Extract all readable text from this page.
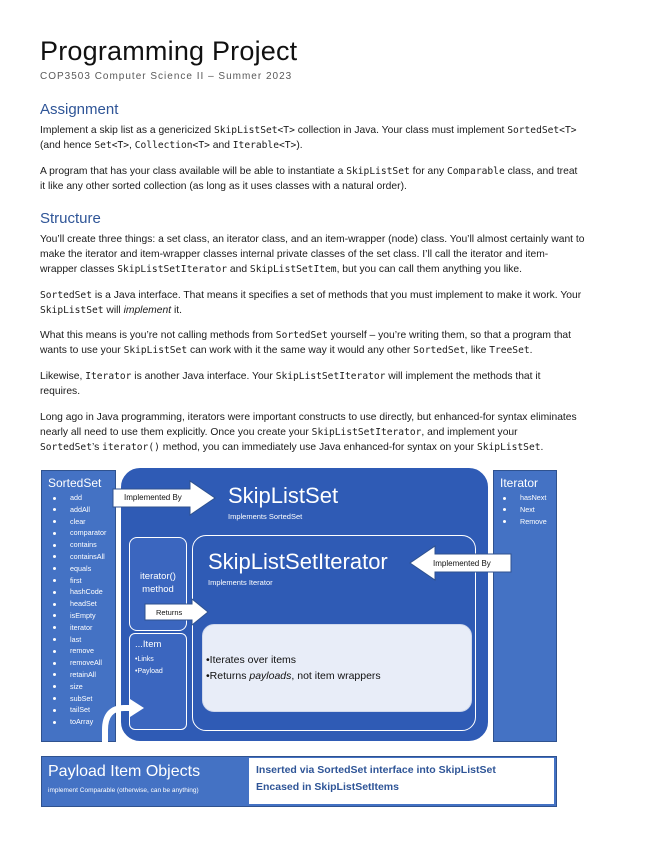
Programming Project
COP3503 Computer Science II – Summer 2023
Assignment
Implement a skip list as a genericized SkipListSet<T> collection in Java. Your class must implement SortedSet<T>
(and hence Set<T>, Collection<T> and Iterable<T>).
A program that has your class available will be able to instantiate a SkipListSet for any Comparable class, and treat
it like any other sorted collection (as long as it uses classes with a natural order).
Structure
You’ll create three things: a set class, an iterator class, and an item-wrapper (node) class. You’ll almost certainly want to
make the iterator and item-wrapper classes internal private classes of the set class. I’ll call the iterator and item-
wrapper classes SkipListSetIterator and SkipListSetItem, but you can call them anything you like.
SortedSet is a Java interface. That means it specifies a set of methods that you must implement to make it work. Your
SkipListSet will implement it.
What this means is you’re not calling methods from SortedSet yourself – you’re writing them, so that a program that
wants to use your SkipListSet can work with it the same way it would any other SortedSet, like TreeSet.
Likewise, Iterator is another Java interface. Your SkipListSetIterator will implement the methods that it
requires.
Long ago in Java programming, iterators were important constructs to use directly, but enhanced-for syntax eliminates
nearly all need to use them explicitly. Once you create your SkipListSetIterator, and implement your
SortedSet’s iterator() method, you can immediately use Java enhanced-for syntax on your SkipListSet.
SortedSet
add
addAll
clear
comparator
contains
containsAll
equals
first
hashCode
headSet
isEmpty
iterator
last
remove
removeAll
retainAll
size
subSet
tailSet
toArray
Iterator
hasNext
Next
Remove
SkipListSet
Implements SortedSet
Implemented By
SkipListSetIterator
Implements Iterator
Implemented By
iterator()
method
Returns
...Item
•Links
•Payload
•Iterates over items
•Returns payloads, not item wrappers
Payload Item Objects
implement Comparable (otherwise, can be anything)
Inserted via SortedSet interface into SkipListSet
Encased in SkipListSetItems
